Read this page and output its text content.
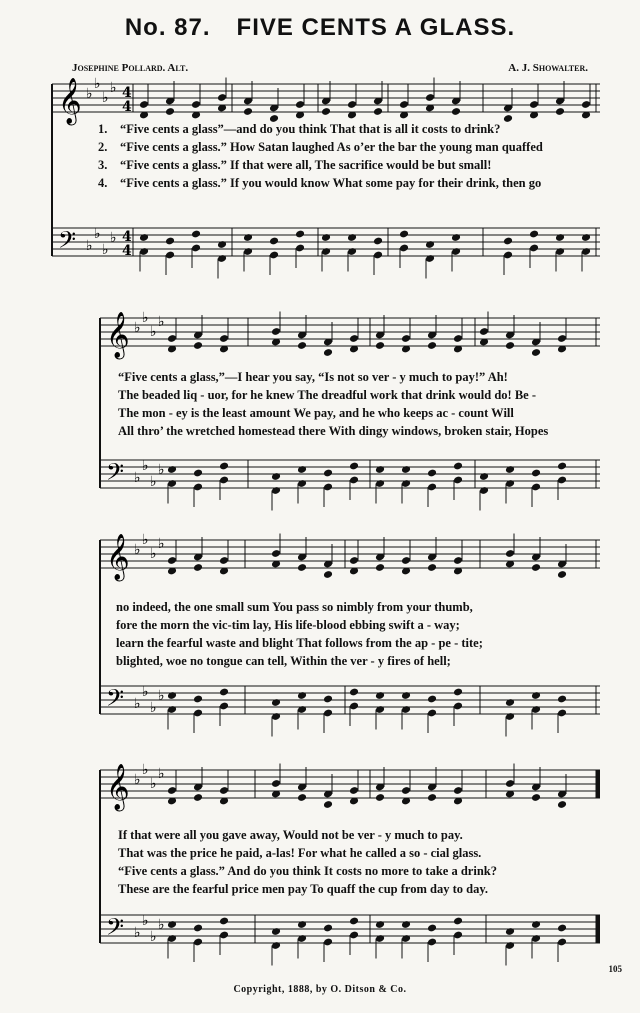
No. 87. FIVE CENTS A GLASS.
Josephine Pollard. Alt.	A. J. Showalter.
𝄞 ♭
♭
♭
♭ 4
4
𝄢 ♭
♭
♭
♭ 4
4
𝄞 ♭
♭
♭
♭
𝄢 ♭
♭
♭
♭
𝄞 ♭
♭
♭
♭
𝄢 ♭
♭
♭
♭
𝄞 ♭
♭
♭
♭
𝄢 ♭
♭
♭
♭
1. “Five cents a glass”—and do you think That that is all it costs to drink?
2. “Five cents a glass.” How Satan laughed As o’er the bar the young man quaffed
3. “Five cents a glass.” If that were all, The sacrifice would be but small!
4. “Five cents a glass.” If you would know What some pay for their drink, then go
“Five cents a glass,”—I hear you say, “Is not so ver - y much to pay!” Ah!
The beaded liq - uor, for he knew The dreadful work that drink would do! Be -
The mon - ey is the least amount We pay, and he who keeps ac - count Will
All thro’ the wretched homestead there With dingy windows, broken stair, Hopes
no indeed, the one small sum You pass so nimbly from your thumb,
fore the morn the vic-tim lay, His life-blood ebbing swift a - way;
learn the fearful waste and blight That follows from the ap - pe - tite;
blighted, woe no tongue can tell, Within the ver - y fires of hell;
If that were all you gave away, Would not be ver - y much to pay.
That was the price he paid, a-las! For what he called a so - cial glass.
“Five cents a glass.” And do you think It costs no more to take a drink?
These are the fearful price men pay To quaff the cup from day to day.
Copyright, 1888, by O. Ditson & Co.
105
